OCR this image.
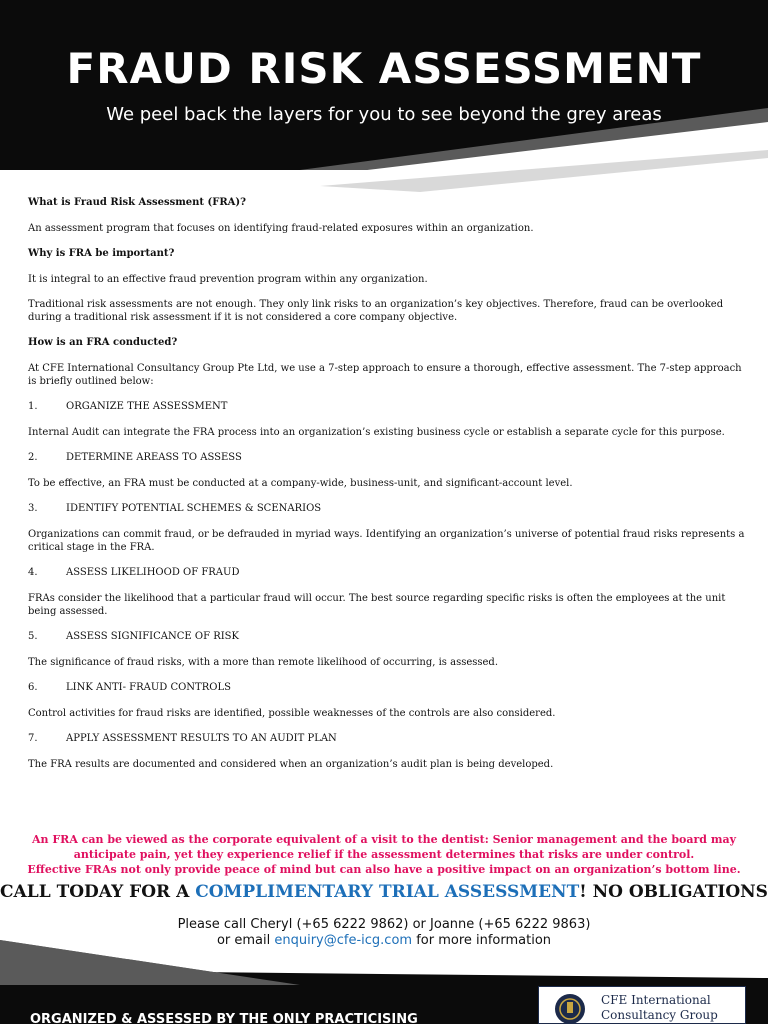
FRAUD RISK ASSESSMENT
We peel back the layers for you to see beyond the grey areas

What is Fraud Risk Assessment (FRA)?

An assessment program that focuses on identifying fraud-related exposures within an organization.

Why is FRA be important?

It is integral to an effective fraud prevention program within any organization.

Traditional risk assessments are not enough. They only link risks to an organization’s key objectives. Therefore, fraud can be overlooked during a traditional risk assessment if it is not considered a core company objective.

How is an FRA conducted?

At CFE International Consultancy Group Pte Ltd, we use a 7-step approach to ensure a thorough, effective assessment. The 7-step approach is briefly outlined below:

1.	ORGANIZE THE ASSESSMENT

Internal Audit can integrate the FRA process into an organization’s existing business cycle or establish a separate cycle for this purpose.

2.	DETERMINE AREASS TO ASSESS

To be effective, an FRA must be conducted at a company-wide, business-unit, and significant-account level.

3.	IDENTIFY POTENTIAL SCHEMES & SCENARIOS

Organizations can commit fraud, or be defrauded in myriad ways. Identifying an organization’s universe of potential fraud risks represents a critical stage in the FRA.

4.	ASSESS LIKELIHOOD OF FRAUD

FRAs consider the likelihood that a particular fraud will occur. The best source regarding specific risks is often the employees at the unit being assessed.

5.	ASSESS SIGNIFICANCE OF RISK

The significance of fraud risks, with a more than remote likelihood of occurring, is assessed.

6.	LINK ANTI- FRAUD CONTROLS

Control activities for fraud risks are identified, possible weaknesses of the controls are also considered.

7.	APPLY ASSESSMENT RESULTS TO AN AUDIT PLAN

The FRA results are documented and considered when an organization’s audit plan is being developed.

An FRA can be viewed as the corporate equivalent of a visit to the dentist: Senior management and the board may
anticipate pain, yet they experience relief if the assessment determines that risks are under control.
Effective FRAs not only provide peace of mind but can also have a positive impact on an organization’s bottom line.
CALL TODAY FOR A COMPLIMENTARY TRIAL ASSESSMENT! NO OBLIGATIONS
Please call Cheryl (+65 6222 9862) or Joanne (+65 6222 9863)
or email enquiry@cfe-icg.com for more information
ORGANIZED & ASSESSED BY THE ONLY PRACTICISING
CFE International
Consultancy Group
